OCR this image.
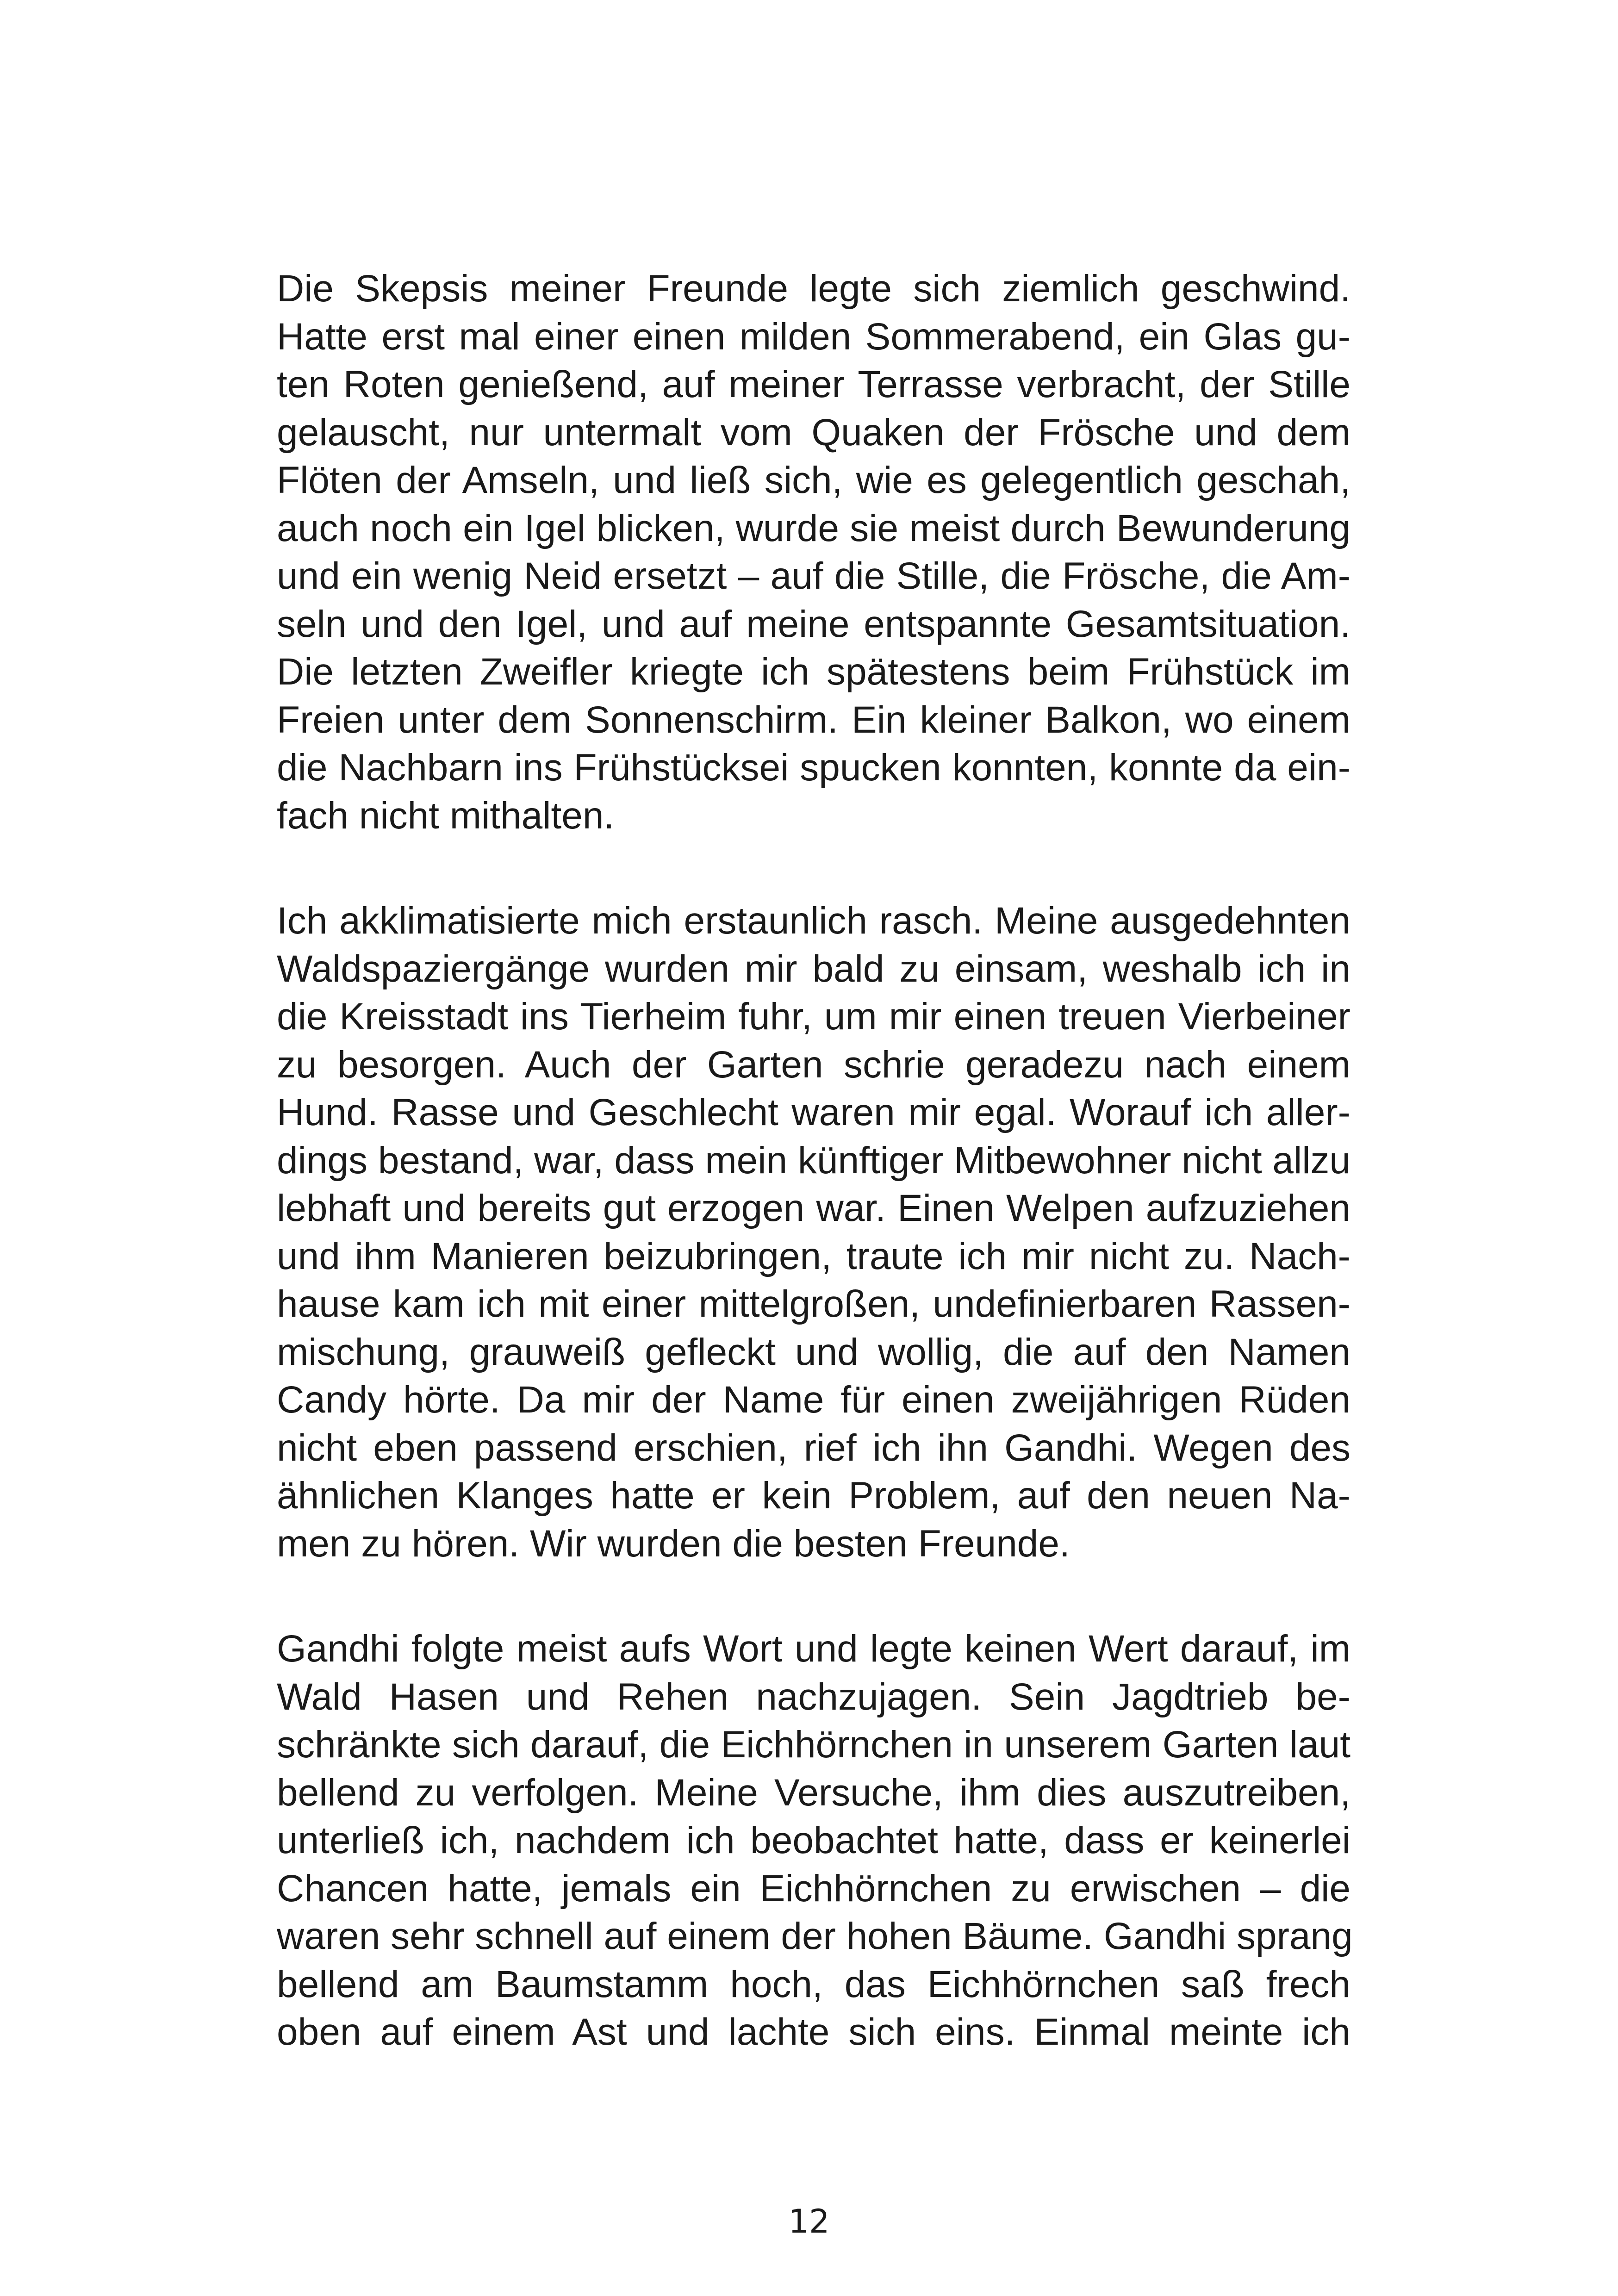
Die Skepsis meiner Freunde legte sich ziemlich geschwind.
Hatte erst mal einer einen milden Sommerabend, ein Glas gu-
ten Roten genießend, auf meiner Terrasse verbracht, der Stille
gelauscht, nur untermalt vom Quaken der Frösche und dem
Flöten der Amseln, und ließ sich, wie es gelegentlich geschah,
auch noch ein Igel blicken, wurde sie meist durch Bewunderung
und ein wenig Neid ersetzt – auf die Stille, die Frösche, die Am-
seln und den Igel, und auf meine entspannte Gesamtsituation.
Die letzten Zweifler kriegte ich spätestens beim Frühstück im
Freien unter dem Sonnenschirm. Ein kleiner Balkon, wo einem
die Nachbarn ins Frühstücksei spucken konnten, konnte da ein-
fach nicht mithalten.

Ich akklimatisierte mich erstaunlich rasch. Meine ausgedehnten
Waldspaziergänge wurden mir bald zu einsam, weshalb ich in
die Kreisstadt ins Tierheim fuhr, um mir einen treuen Vierbeiner
zu besorgen. Auch der Garten schrie geradezu nach einem
Hund. Rasse und Geschlecht waren mir egal. Worauf ich aller-
dings bestand, war, dass mein künftiger Mitbewohner nicht allzu
lebhaft und bereits gut erzogen war. Einen Welpen aufzuziehen
und ihm Manieren beizubringen, traute ich mir nicht zu. Nach-
hause kam ich mit einer mittelgroßen, undefinierbaren Rassen-
mischung, grauweiß gefleckt und wollig, die auf den Namen
Candy hörte. Da mir der Name für einen zweijährigen Rüden
nicht eben passend erschien, rief ich ihn Gandhi. Wegen des
ähnlichen Klanges hatte er kein Problem, auf den neuen Na-
men zu hören. Wir wurden die besten Freunde.

Gandhi folgte meist aufs Wort und legte keinen Wert darauf, im
Wald Hasen und Rehen nachzujagen. Sein Jagdtrieb be-
schränkte sich darauf, die Eichhörnchen in unserem Garten laut
bellend zu verfolgen. Meine Versuche, ihm dies auszutreiben,
unterließ ich, nachdem ich beobachtet hatte, dass er keinerlei
Chancen hatte, jemals ein Eichhörnchen zu erwischen – die
waren sehr schnell auf einem der hohen Bäume. Gandhi sprang
bellend am Baumstamm hoch, das Eichhörnchen saß frech
oben auf einem Ast und lachte sich eins. Einmal meinte ich

12
